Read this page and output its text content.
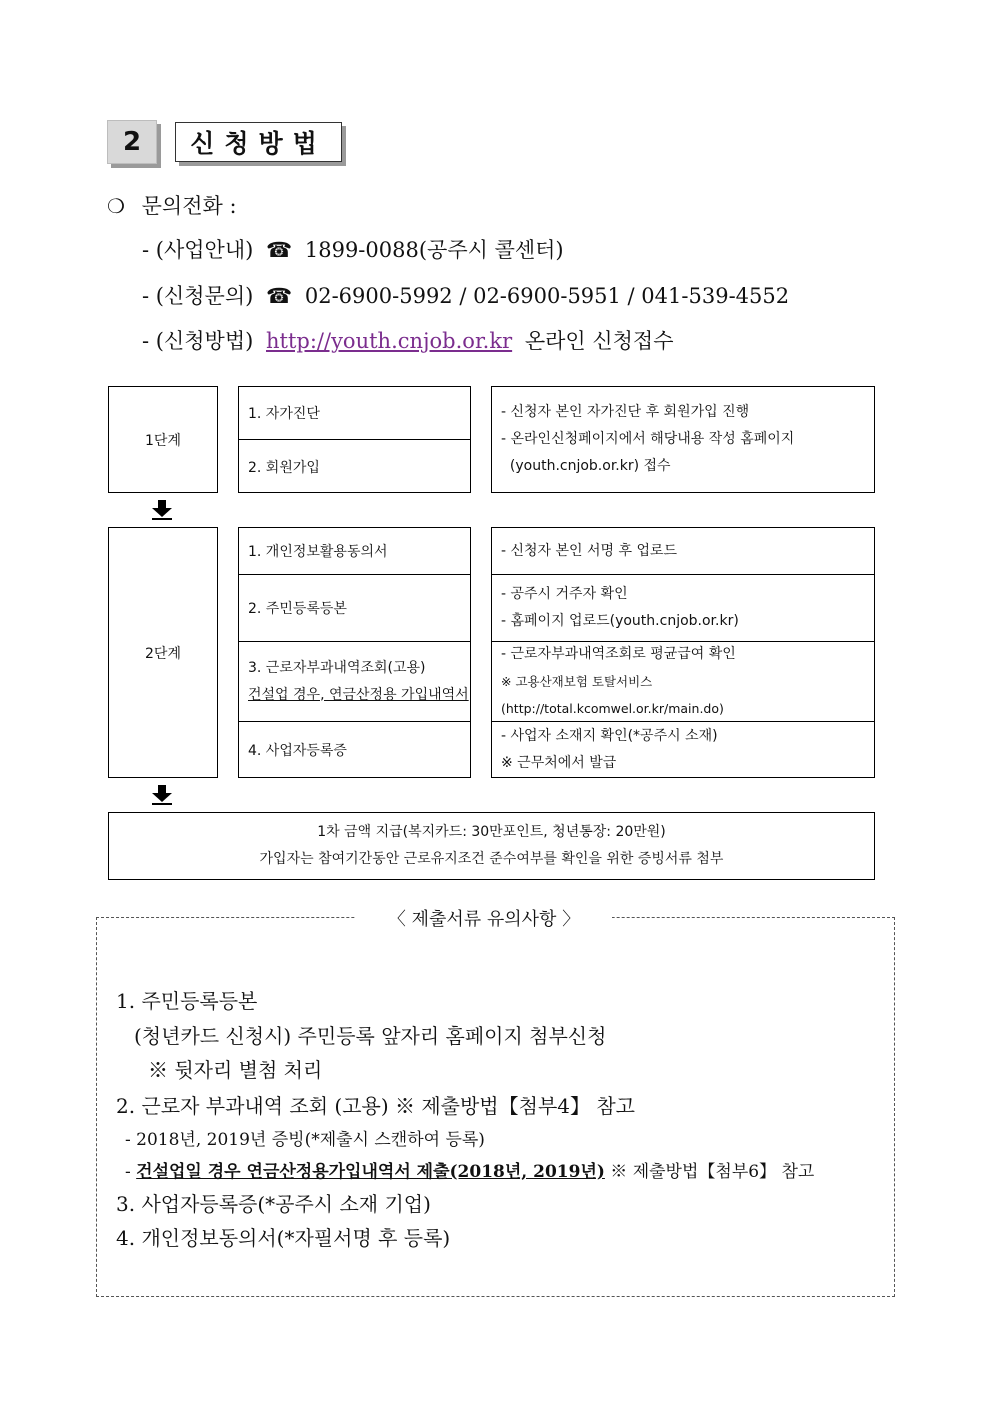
2	신청방법
❍ 문의전화 :
- (사업안내) ☎ 1899-0088(공주시 콜센터)
- (신청문의) ☎ 02-6900-5992 / 02-6900-5951 / 041-539-4552
- (신청방법) http://youth.cnjob.or.kr 온라인 신청접수
1단계
1. 자가진단
2. 회원가입
- 신청자 본인 자가진단 후 회원가입 진행
- 온라인신청페이지에서 해당내용 작성 홈페이지
(youth.cnjob.or.kr) 접수
2단계
1. 개인정보활용동의서
2. 주민등록등본
3. 근로자부과내역조회(고용)
건설업 경우, 연금산정용 가입내역서
4. 사업자등록증
- 신청자 본인 서명 후 업로드
- 공주시 거주자 확인
- 홈페이지 업로드(youth.cnjob.or.kr)
- 근로자부과내역조회로 평균급여 확인
※ 고용산재보험 토탈서비스(http://total.kcomwel.or.kr/main.do)
- 사업자 소재지 확인(*공주시 소재)
※ 근무처에서 발급
1차 금액 지급(복지카드: 30만포인트, 청년통장: 20만원)
가입자는 참여기간동안 근로유지조건 준수여부를 확인을 위한 증빙서류 첨부
〈 제출서류 유의사항 〉
1. 주민등록등본
(청년카드 신청시) 주민등록 앞자리 홈페이지 첨부신청
※ 뒷자리 별첨 처리
2. 근로자 부과내역 조회 (고용) ※ 제출방법【첨부4】 참고
- 2018년, 2019년 증빙(*제출시 스캔하여 등록)
- 건설업일 경우 연금산정용가입내역서 제출(2018년, 2019년) ※ 제출방법【첨부6】 참고
3. 사업자등록증(*공주시 소재 기업)
4. 개인정보동의서(*자필서명 후 등록)
